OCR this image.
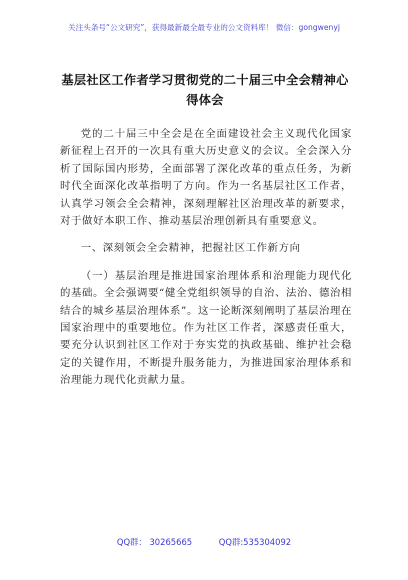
关注头条号“公文研究”，获得最新最全最专业的公文资料库！ 微信：gongwenyj
基层社区工作者学习贯彻党的二十届三中全会精神心得体会

党的二十届三中全会是在全面建设社会主义现代化国家新征程上召开的一次具有重大历史意义的会议。全会深入分析了国际国内形势，全面部署了深化改革的重点任务，为新时代全面深化改革指明了方向。作为一名基层社区工作者，认真学习领会全会精神，深刻理解社区治理改革的新要求，对于做好本职工作、推动基层治理创新具有重要意义。

一、深刻领会全会精神，把握社区工作新方向

（一）基层治理是推进国家治理体系和治理能力现代化的基础。全会强调要“健全党组织领导的自治、法治、德治相结合的城乡基层治理体系”。这一论断深刻阐明了基层治理在国家治理中的重要地位。作为社区工作者，深感责任重大，要充分认识到社区工作对于夯实党的执政基础、维护社会稳定的关键作用，不断提升服务能力，为推进国家治理体系和治理能力现代化贡献力量。

QQ群： 30265665	QQ群:535304092
